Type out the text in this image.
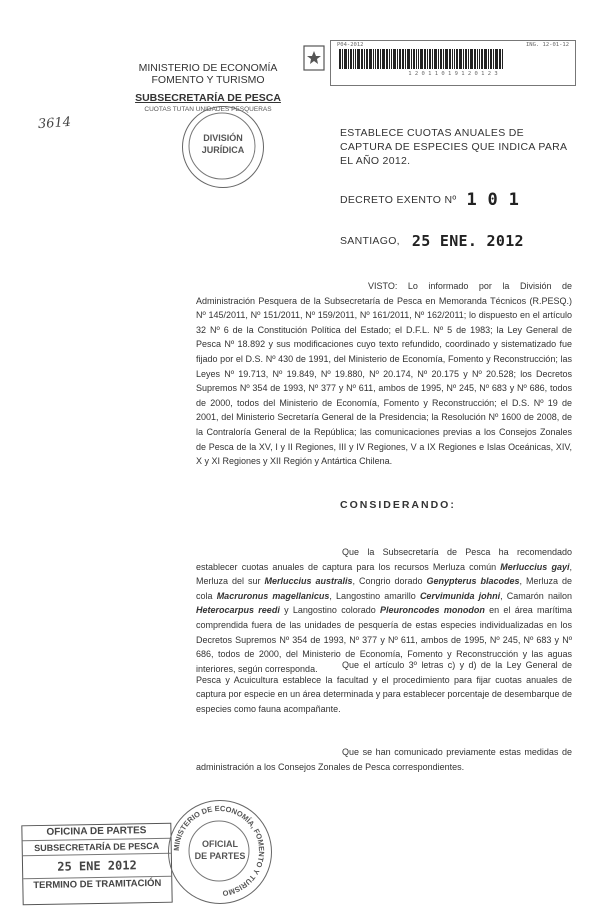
MINISTERIO DE ECONOMÍA
FOMENTO Y TURISMO
SUBSECRETARÍA DE PESCA
CUOTAS TUTAN UNIDADES PESQUERAS
3614
DIVISIÓN
JURÍDICA
P04-2012	ING. 12-01-12
1 2 0 1 1 0 1 9 1 2 0 1 2 3
ESTABLECE CUOTAS ANUALES DE CAPTURA DE ESPECIES QUE INDICA PARA EL AÑO 2012.
DECRETO EXENTO Nº 1 0 1
SANTIAGO, 25 ENE. 2012
VISTO: Lo informado por la División de Administración Pesquera de la Subsecretaría de Pesca en Memoranda Técnicos (R.PESQ.) Nº 145/2011, Nº 151/2011, Nº 159/2011, Nº 161/2011, Nº 162/2011; lo dispuesto en el artículo 32 Nº 6 de la Constitución Política del Estado; el D.F.L. Nº 5 de 1983; la Ley General de Pesca Nº 18.892 y sus modificaciones cuyo texto refundido, coordinado y sistematizado fue fijado por el D.S. Nº 430 de 1991, del Ministerio de Economía, Fomento y Reconstrucción; las Leyes Nº 19.713, Nº 19.849, Nº 19.880, Nº 20.174, Nº 20.175 y Nº 20.528; los Decretos Supremos Nº 354 de 1993, Nº 377 y Nº 611, ambos de 1995, Nº 245, Nº 683 y Nº 686, todos de 2000, todos del Ministerio de Economía, Fomento y Reconstrucción; el D.S. Nº 19 de 2001, del Ministerio Secretaría General de la Presidencia; la Resolución Nº 1600 de 2008, de la Contraloría General de la República; las comunicaciones previas a los Consejos Zonales de Pesca de la XV, I y II Regiones, III y IV Regiones, V a IX Regiones e Islas Oceánicas, XIV, X y XI Regiones y XII Región y Antártica Chilena.
CONSIDERANDO:
Que la Subsecretaría de Pesca ha recomendado establecer cuotas anuales de captura para los recursos Merluza común Merluccius gayi, Merluza del sur Merluccius australis, Congrio dorado Genypterus blacodes, Merluza de cola Macruronus magellanicus, Langostino amarillo Cervimunida johni, Camarón nailon Heterocarpus reedi y Langostino colorado Pleuroncodes monodon en el área marítima comprendida fuera de las unidades de pesquería de estas especies individualizadas en los Decretos Supremos Nº 354 de 1993, Nº 377 y Nº 611, ambos de 1995, Nº 245, Nº 683 y Nº 686, todos de 2000, del Ministerio de Economía, Fomento y Reconstrucción y las aguas interiores, según corresponda.	Que el artículo 3º letras c) y d) de la Ley General de Pesca y Acuicultura establece la facultad y el procedimiento para fijar cuotas anuales de captura por especie en un área determinada y para establecer porcentaje de desembarque de especies como fauna acompañante.
Que se han comunicado previamente estas medidas de administración a los Consejos Zonales de Pesca correspondientes.
OFICINA DE PARTES
SUBSECRETARÍA DE PESCA
25 ENE 2012
TERMINO DE TRAMITACIÓN
MINISTERIO DE ECONOMÍA, FOMENTO Y TURISMO
OFICIAL
DE PARTES
